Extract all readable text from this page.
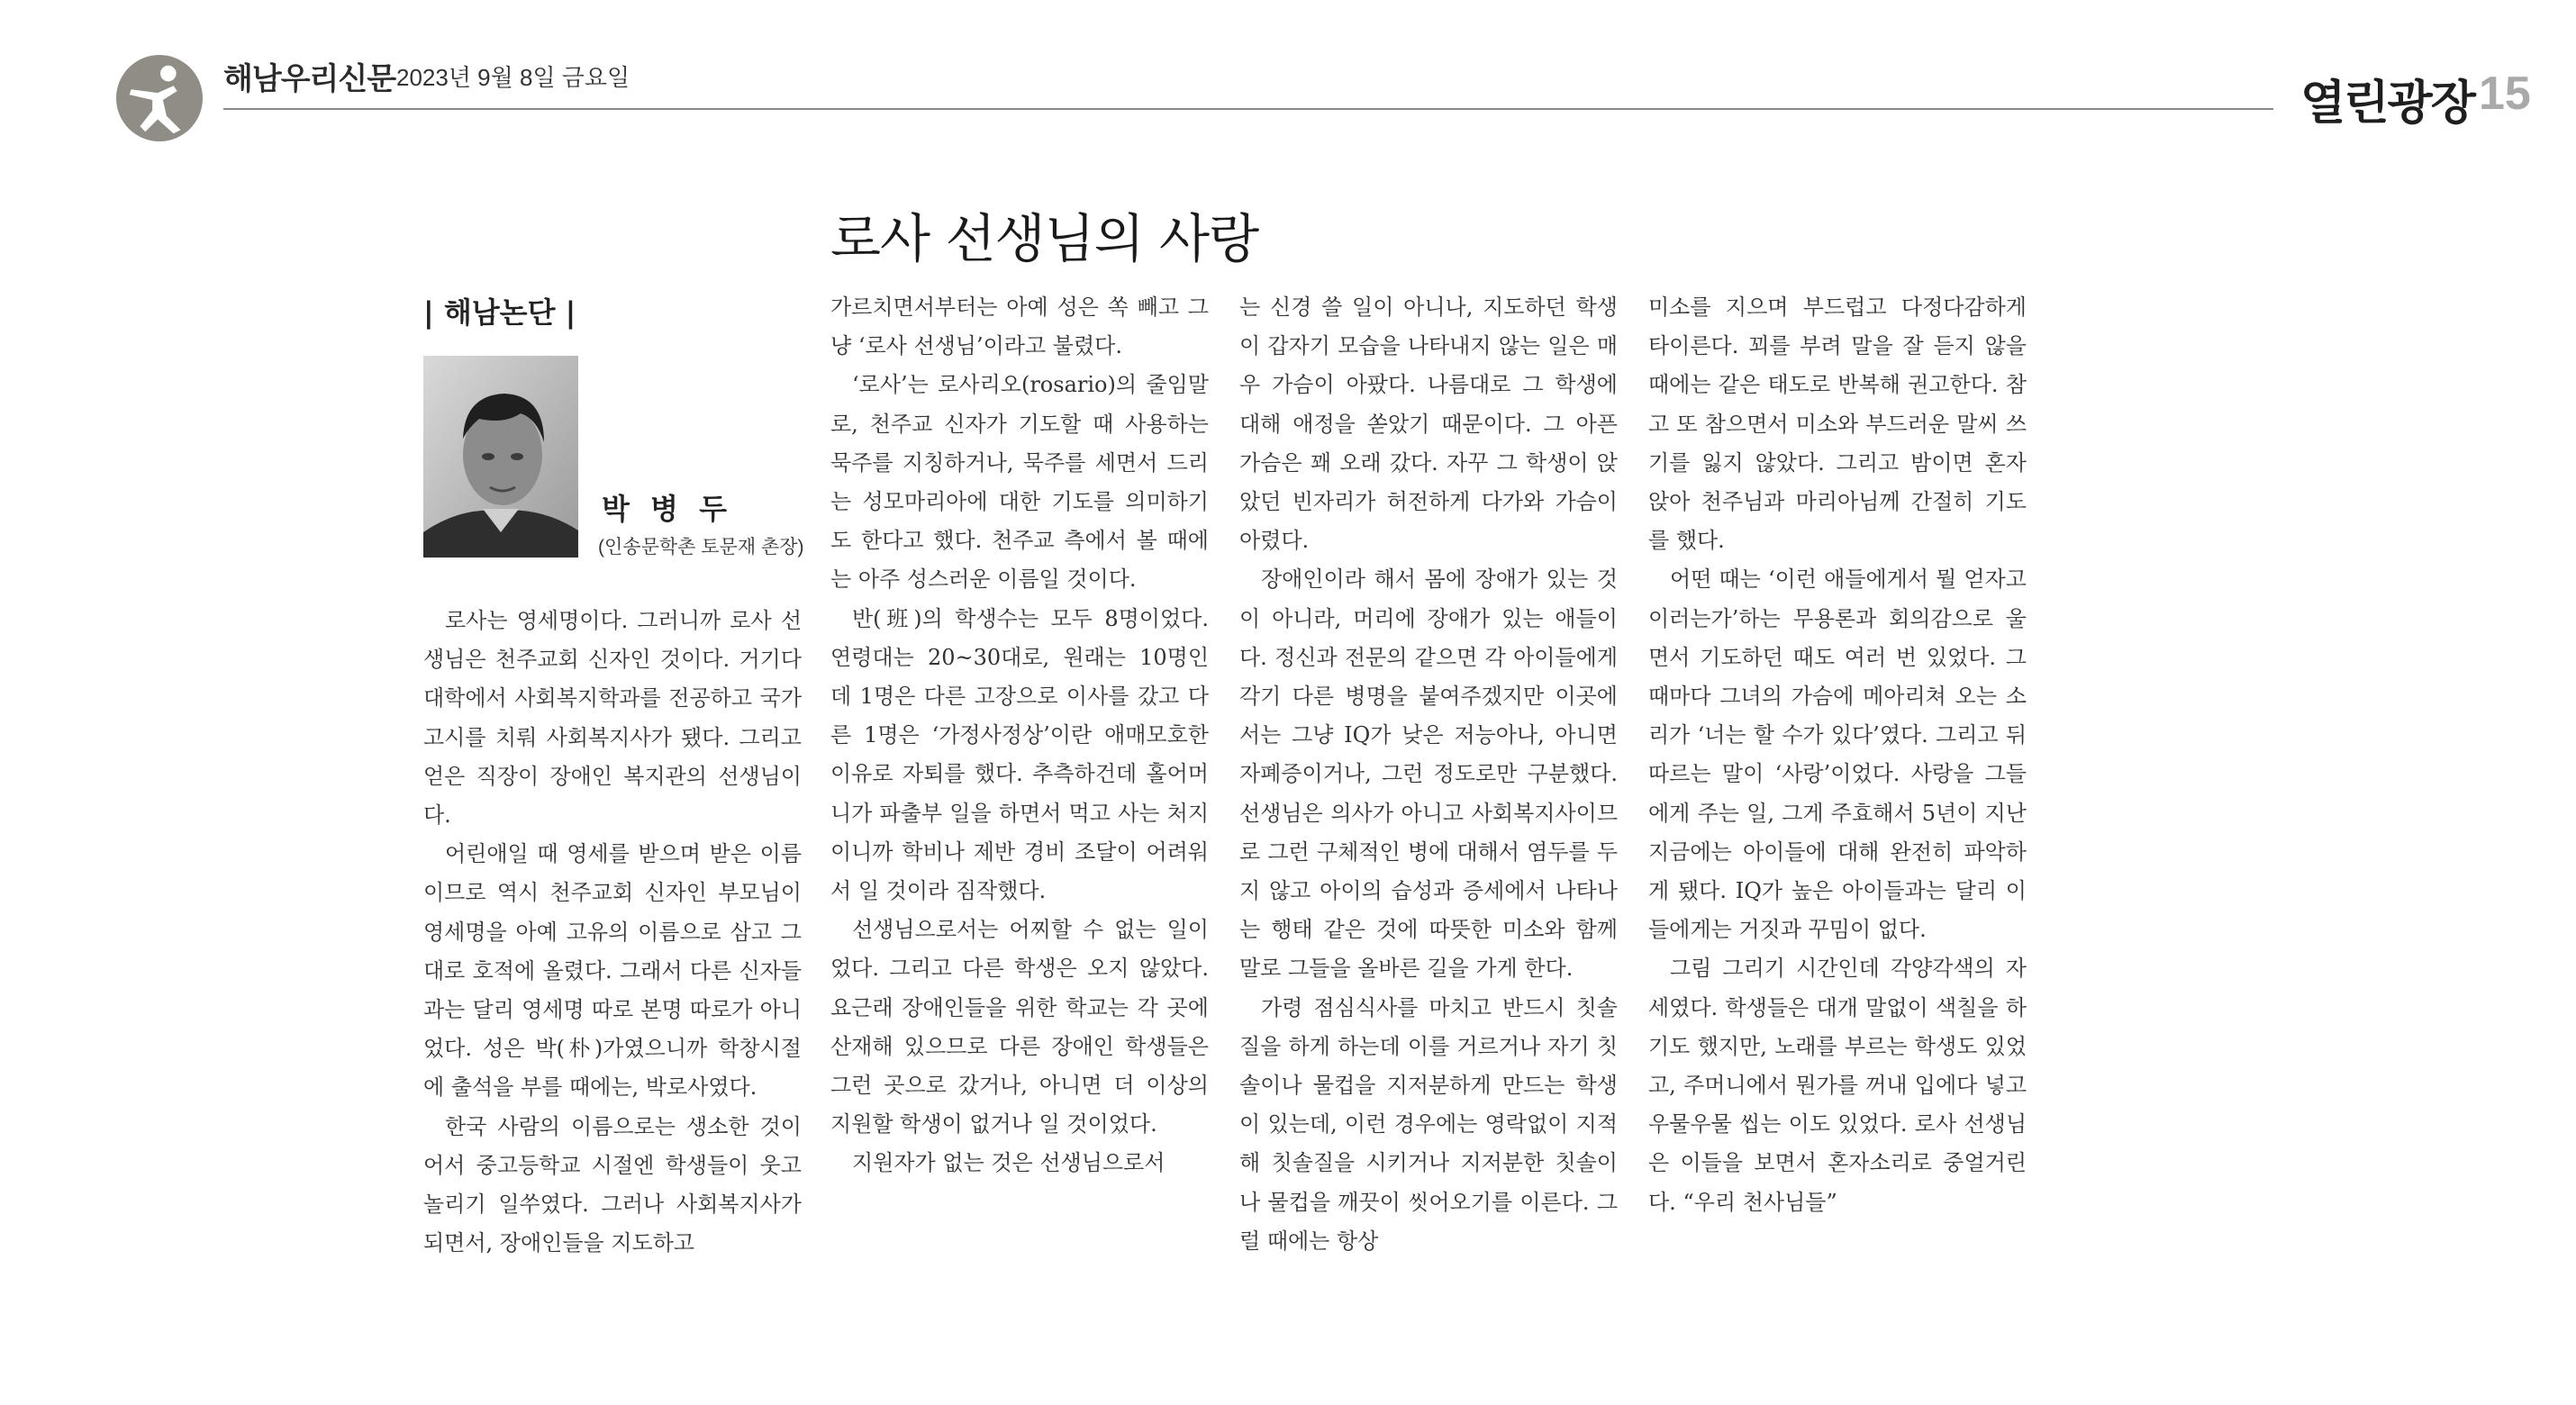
해남우리신문 2023년 9월 8일 금요일	열린광장 15
로사 선생님의 사랑
| 해남논단 |
박 병 두
(인송문학촌 토문재 촌장)

로사는 영세명이다. 그러니까 로사 선생님은 천주교회 신자인 것이다. 거기다 대학에서 사회복지학과를 전공하고 국가고시를 치뤄 사회복지사가 됐다. 그리고 얻은 직장이 장애인 복지관의 선생님이다.

어린애일 때 영세를 받으며 받은 이름이므로 역시 천주교회 신자인 부모님이 영세명을 아예 고유의 이름으로 삼고 그대로 호적에 올렸다. 그래서 다른 신자들과는 달리 영세명 따로 본명 따로가 아니었다. 성은 박(朴)가였으니까 학창시절에 출석을 부를 때에는, 박로사였다.

한국 사람의 이름으로는 생소한 것이어서 중고등학교 시절엔 학생들이 웃고 놀리기 일쑤였다. 그러나 사회복지사가 되면서, 장애인들을 지도하고

가르치면서부터는 아예 성은 쏙 빼고 그냥 ‘로사 선생님’이라고 불렸다.

‘로사’는 로사리오(rosario)의 줄임말로, 천주교 신자가 기도할 때 사용하는 묵주를 지칭하거나, 묵주를 세면서 드리는 성모마리아에 대한 기도를 의미하기도 한다고 했다. 천주교 측에서 볼 때에는 아주 성스러운 이름일 것이다.

반(班)의 학생수는 모두 8명이었다. 연령대는 20~30대로, 원래는 10명인데 1명은 다른 고장으로 이사를 갔고 다른 1명은 ‘가정사정상’이란 애매모호한 이유로 자퇴를 했다. 추측하건데 홀어머니가 파출부 일을 하면서 먹고 사는 처지이니까 학비나 제반 경비 조달이 어려워서 일 것이라 짐작했다.

선생님으로서는 어찌할 수 없는 일이었다. 그리고 다른 학생은 오지 않았다. 요근래 장애인들을 위한 학교는 각 곳에 산재해 있으므로 다른 장애인 학생들은 그런 곳으로 갔거나, 아니면 더 이상의 지원할 학생이 없거나 일 것이었다.

지원자가 없는 것은 선생님으로서

는 신경 쓸 일이 아니나, 지도하던 학생이 갑자기 모습을 나타내지 않는 일은 매우 가슴이 아팠다. 나름대로 그 학생에 대해 애정을 쏟았기 때문이다. 그 아픈 가슴은 꽤 오래 갔다. 자꾸 그 학생이 앉았던 빈자리가 허전하게 다가와 가슴이 아렸다.

장애인이라 해서 몸에 장애가 있는 것이 아니라, 머리에 장애가 있는 애들이다. 정신과 전문의 같으면 각 아이들에게 각기 다른 병명을 붙여주겠지만 이곳에서는 그냥 IQ가 낮은 저능아나, 아니면 자폐증이거나, 그런 정도로만 구분했다. 선생님은 의사가 아니고 사회복지사이므로 그런 구체적인 병에 대해서 염두를 두지 않고 아이의 습성과 증세에서 나타나는 행태 같은 것에 따뜻한 미소와 함께 말로 그들을 올바른 길을 가게 한다.

가령 점심식사를 마치고 반드시 칫솔질을 하게 하는데 이를 거르거나 자기 칫솔이나 물컵을 지저분하게 만드는 학생이 있는데, 이런 경우에는 영락없이 지적해 칫솔질을 시키거나 지저분한 칫솔이나 물컵을 깨끗이 씻어오기를 이른다. 그럴 때에는 항상

미소를 지으며 부드럽고 다정다감하게 타이른다. 꾀를 부려 말을 잘 듣지 않을 때에는 같은 태도로 반복해 권고한다. 참고 또 참으면서 미소와 부드러운 말씨 쓰기를 잃지 않았다. 그리고 밤이면 혼자 앉아 천주님과 마리아님께 간절히 기도를 했다.

어떤 때는 ‘이런 애들에게서 뭘 얻자고 이러는가’하는 무용론과 회의감으로 울면서 기도하던 때도 여러 번 있었다. 그때마다 그녀의 가슴에 메아리쳐 오는 소리가 ‘너는 할 수가 있다’였다. 그리고 뒤따르는 말이 ‘사랑’이었다. 사랑을 그들에게 주는 일, 그게 주효해서 5년이 지난 지금에는 아이들에 대해 완전히 파악하게 됐다. IQ가 높은 아이들과는 달리 이들에게는 거짓과 꾸밈이 없다.

그림 그리기 시간인데 각양각색의 자세였다. 학생들은 대개 말없이 색칠을 하기도 했지만, 노래를 부르는 학생도 있었고, 주머니에서 뭔가를 꺼내 입에다 넣고 우물우물 씹는 이도 있었다. 로사 선생님은 이들을 보면서 혼자소리로 중얼거린다. “우리 천사님들”
